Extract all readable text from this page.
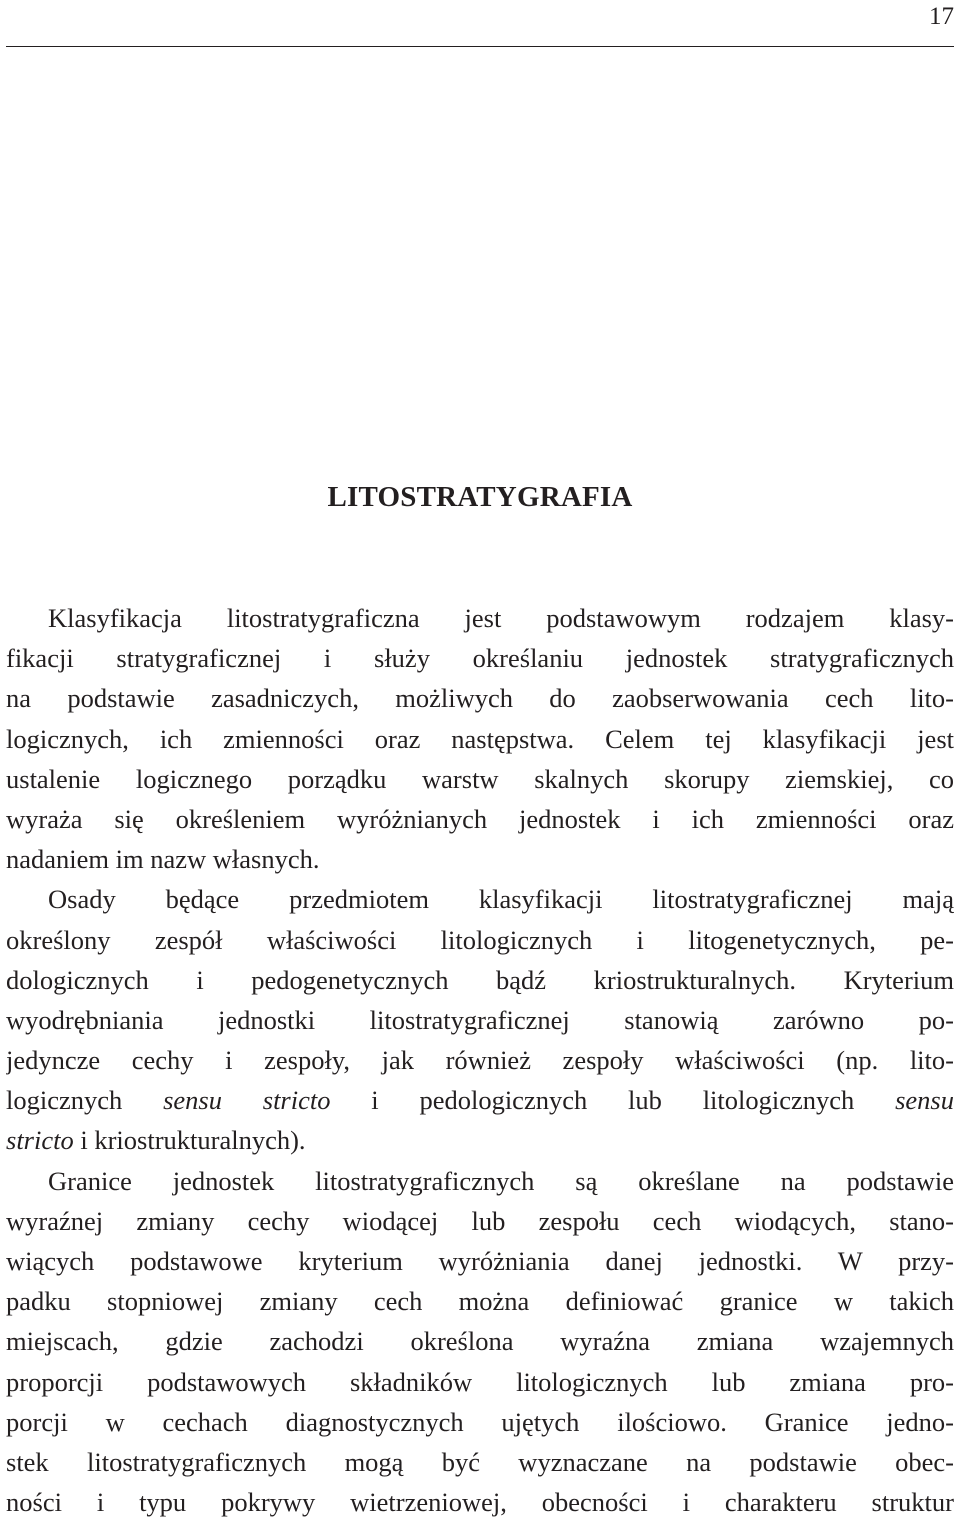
17
LITOSTRATYGRAFIA
Klasyfikacja litostratygraficzna jest podstawowym rodzajem klasy-
fikacji stratygraficznej i służy określaniu jednostek stratygraficznych
na podstawie zasadniczych, możliwych do zaobserwowania cech lito-
logicznych, ich zmienności oraz następstwa. Celem tej klasyfikacji jest
ustalenie logicznego porządku warstw skalnych skorupy ziemskiej, co
wyraża się określeniem wyróżnianych jednostek i ich zmienności oraz
nadaniem im nazw własnych.
Osady będące przedmiotem klasyfikacji litostratygraficznej mają
określony zespół właściwości litologicznych i litogenetycznych, pe-
dologicznych i pedogenetycznych bądź kriostrukturalnych. Kryterium
wyodrębniania jednostki litostratygraficznej stanowią zarówno po-
jedyncze cechy i zespoły, jak również zespoły właściwości (np. lito-
logicznych sensu stricto i pedologicznych lub litologicznych sensu
stricto i kriostrukturalnych).
Granice jednostek litostratygraficznych są określane na podstawie
wyraźnej zmiany cechy wiodącej lub zespołu cech wiodących, stano-
wiących podstawowe kryterium wyróżniania danej jednostki. W przy-
padku stopniowej zmiany cech można definiować granice w takich
miejscach, gdzie zachodzi określona wyraźna zmiana wzajemnych
proporcji podstawowych składników litologicznych lub zmiana pro-
porcji w cechach diagnostycznych ujętych ilościowo. Granice jedno-
stek litostratygraficznych mogą być wyznaczane na podstawie obec-
ności i typu pokrywy wietrzeniowej, obecności i charakteru struktur
